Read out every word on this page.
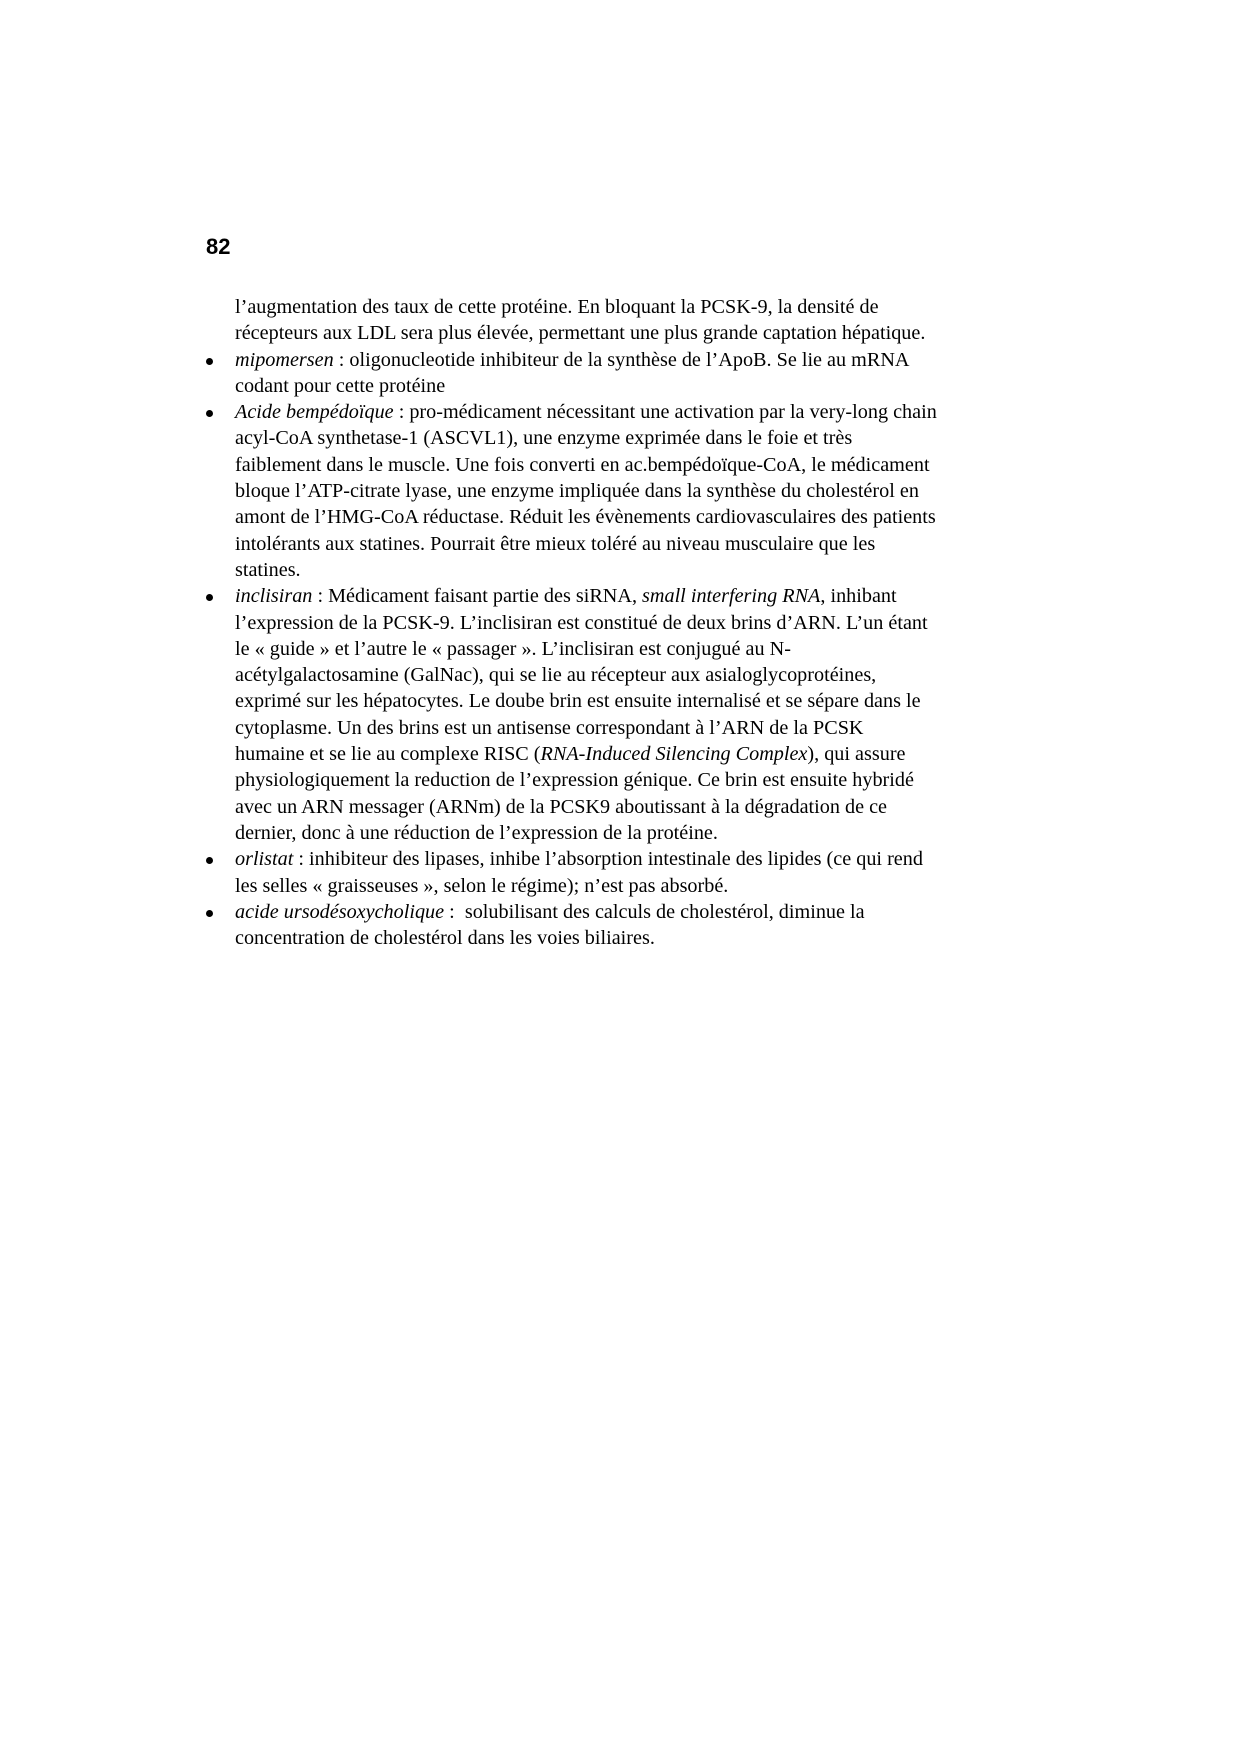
82
l’augmentation des taux de cette protéine. En bloquant la PCSK-9, la densité de
récepteurs aux LDL sera plus élevée, permettant une plus grande captation hépatique.
mipomersen : oligonucleotide inhibiteur de la synthèse de l’ApoB. Se lie au mRNA
codant pour cette protéine
Acide bempédoïque : pro-médicament nécessitant une activation par la very-long chain
acyl-CoA synthetase-1 (ASCVL1), une enzyme exprimée dans le foie et très
faiblement dans le muscle. Une fois converti en ac.bempédoïque-CoA, le médicament
bloque l’ATP-citrate lyase, une enzyme impliquée dans la synthèse du cholestérol en
amont de l’HMG-CoA réductase. Réduit les évènements cardiovasculaires des patients
intolérants aux statines. Pourrait être mieux toléré au niveau musculaire que les
statines.
inclisiran : Médicament faisant partie des siRNA, small interfering RNA, inhibant
l’expression de la PCSK-9. L’inclisiran est constitué de deux brins d’ARN. L’un étant
le « guide » et l’autre le « passager ». L’inclisiran est conjugué au N-
acétylgalactosamine (GalNac), qui se lie au récepteur aux asialoglycoprotéines,
exprimé sur les hépatocytes. Le doube brin est ensuite internalisé et se sépare dans le
cytoplasme. Un des brins est un antisense correspondant à l’ARN de la PCSK
humaine et se lie au complexe RISC (RNA-Induced Silencing Complex), qui assure
physiologiquement la reduction de l’expression génique. Ce brin est ensuite hybridé
avec un ARN messager (ARNm) de la PCSK9 aboutissant à la dégradation de ce
dernier, donc à une réduction de l’expression de la protéine.
orlistat : inhibiteur des lipases, inhibe l’absorption intestinale des lipides (ce qui rend
les selles « graisseuses », selon le régime); n’est pas absorbé.
acide ursodésoxycholique :  solubilisant des calculs de cholestérol, diminue la
concentration de cholestérol dans les voies biliaires.
